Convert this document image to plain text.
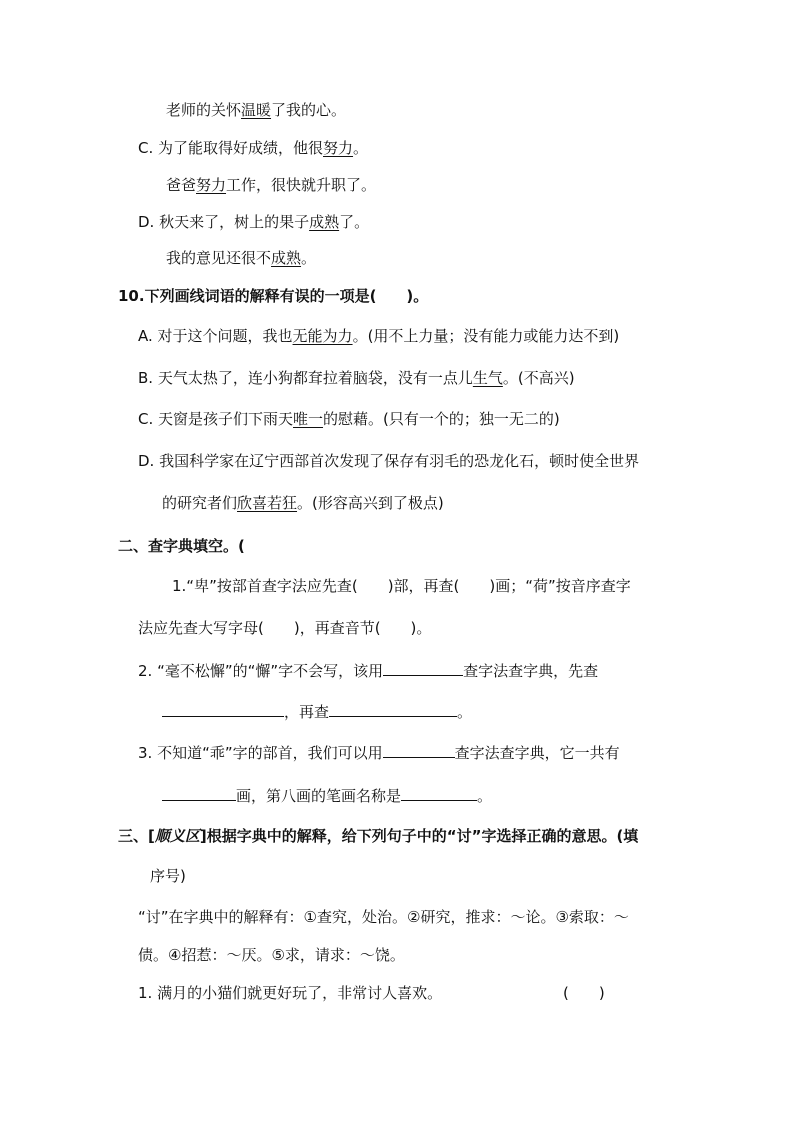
老师的关怀温暖了我的心。
C. 为了能取得好成绩，他很努力。
爸爸努力工作，很快就升职了。
D. 秋天来了，树上的果子成熟了。
我的意见还很不成熟。
10.下列画线词语的解释有误的一项是(　　)。
A. 对于这个问题，我也无能为力。(用不上力量；没有能力或能力达不到)
B. 天气太热了，连小狗都耷拉着脑袋，没有一点儿生气。(不高兴)
C. 天窗是孩子们下雨天唯一的慰藉。(只有一个的；独一无二的)
D. 我国科学家在辽宁西部首次发现了保存有羽毛的恐龙化石，顿时使全世界
的研究者们欣喜若狂。(形容高兴到了极点)
二、查字典填空。(
1.“卑”按部首查字法应先查(　　)部，再查(　　)画；“荷”按音序查字
法应先查大写字母(　　)，再查音节(　　)。
2. “毫不松懈”的“懈”字不会写，该用	查字法查字典，先查
，再查	。
3. 不知道“乖”字的部首，我们可以用	查字法查字典，它一共有
画，第八画的笔画名称是	。
三、[顺义区]根据字典中的解释，给下列句子中的“讨”字选择正确的意思。(填
序号)
“讨”在字典中的解释有：①查究，处治。②研究，推求：～论。③索取：～
债。④招惹：～厌。⑤求，请求：～饶。
1. 满月的小猫们就更好玩了，非常讨人喜欢。	(　　)
